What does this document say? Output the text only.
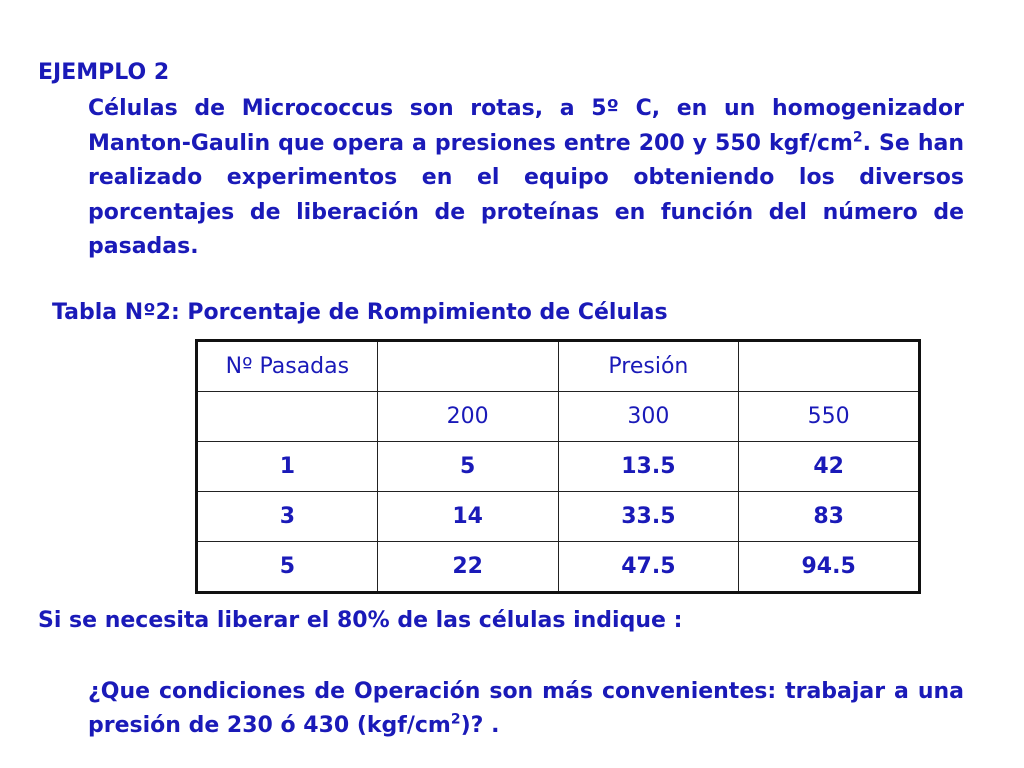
EJEMPLO 2

Células de Micrococcus son rotas, a 5º C, en un homogenizador Manton-Gaulin que opera a presiones entre 200 y 550 kgf/$cm^2$. Se han realizado experimentos en el equipo obteniendo los diversos porcentajes de liberación de proteínas en función del número de pasadas.

Tabla Nº2: Porcentaje de Rompimiento de Células

Nº Pasadas		Presión	
	200	300	550
1	5	13.5	42
3	14	33.5	83
5	22	47.5	94.5

Si se necesita liberar el 80% de las células indique :

¿Que condiciones de Operación son más convenientes: trabajar a una presión de 230 ó 430 $(kgf/cm^2)$? .
